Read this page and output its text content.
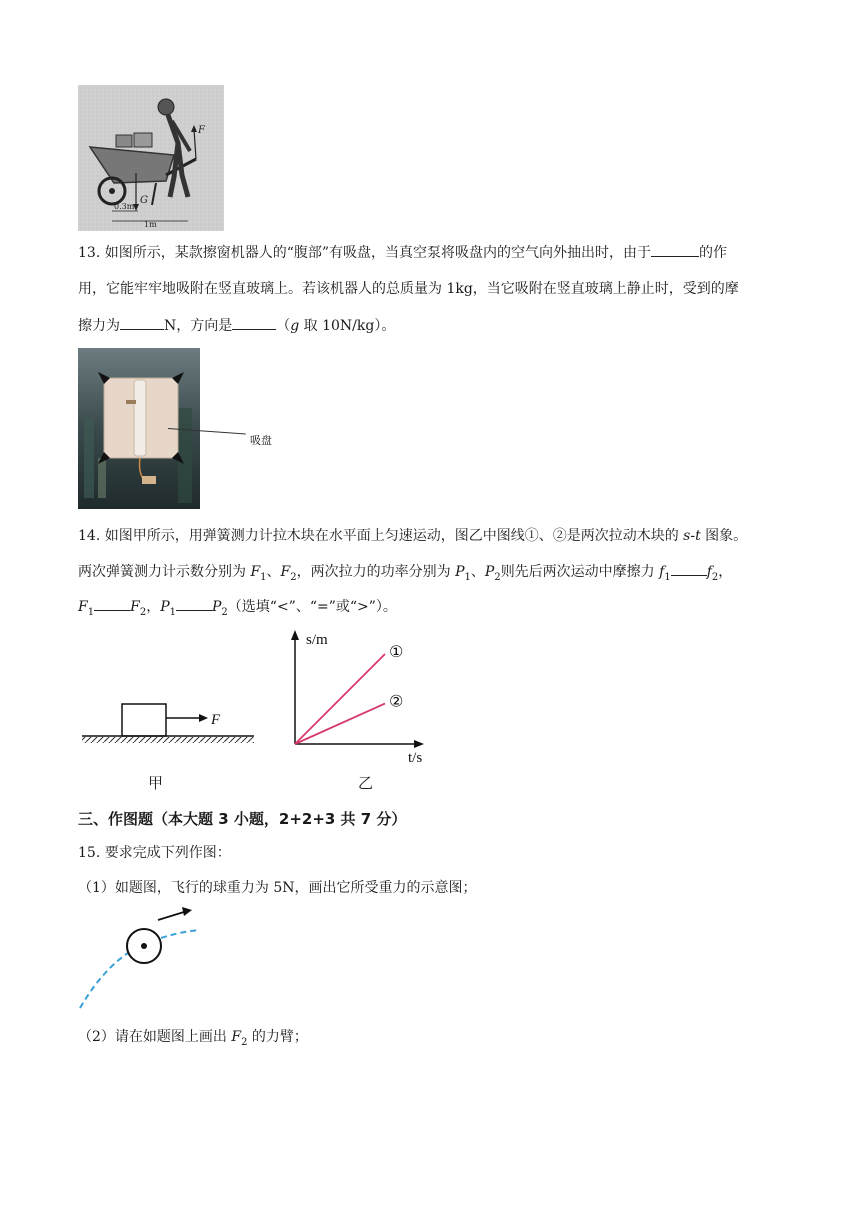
F
G
0.3m
1m
13. 如图所示，某款擦窗机器人的“腹部”有吸盘，当真空泵将吸盘内的空气向外抽出时，由于	的作
用，它能牢牢地吸附在竖直玻璃上。若该机器人的总质量为 1kg，当它吸附在竖直玻璃上静止时，受到的摩
擦力为	N，方向是	（g 取 10N/kg）。
吸盘
14. 如图甲所示，用弹簧测力计拉木块在水平面上匀速运动，图乙中图线①、②是两次拉动木块的 s-t 图象。
两次弹簧测力计示数分别为 $F_1$、$F_2$，两次拉力的功率分别为 $P_1$、$P_2$则先后两次运动中摩擦力 $f_1$	$f_2$，
$F_1$	$F_2$，$P_1$	$P_2$（选填“<”、“=”或“>”）。
F
甲
s/m
t/s
①
②
乙
三、作图题（本大题 3 小题，2+2+3 共 7 分）
15. 要求完成下列作图：
（1）如题图，飞行的球重力为 5N，画出它所受重力的示意图；
（2）请在如题图上画出 $F_2$ 的力臂；
